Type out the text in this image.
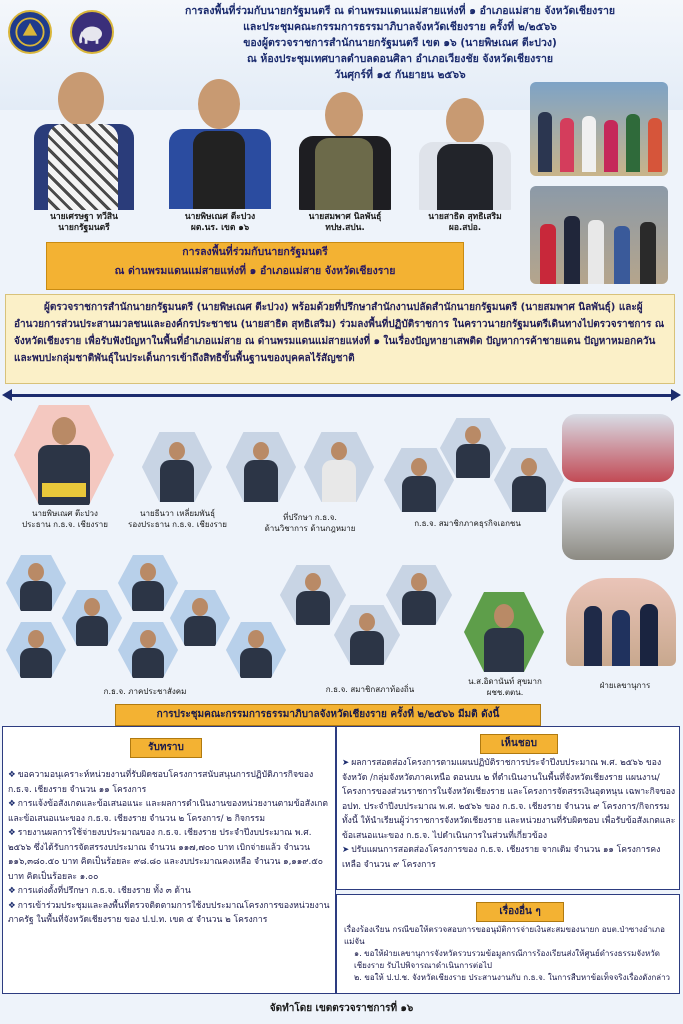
การลงพื้นที่ร่วมกับนายกรัฐมนตรี ณ ด่านพรมแดนแม่สายแห่งที่ ๑ อำเภอแม่สาย จังหวัดเชียงราย
และประชุมคณะกรรมการธรรมาภิบาลจังหวัดเชียงราย ครั้งที่ ๒/๒๕๖๖
ของผู้ตรวจราชการสำนักนายกรัฐมนตรี เขต ๑๖ (นายพิษเณศ ตีะปวง)
ณ ห้องประชุมเทศบาลตำบลดอนศิลา อำเภอเวียงชัย จังหวัดเชียงราย
วันศุกร์ที่ ๑๕ กันยายน ๒๕๖๖
นายเศรษฐา ทวีสิน
นายกรัฐมนตรี
นายพิษเณศ ตีะปวง
ผต.นร. เขต ๑๖
นายสมพาศ นิลพันธุ์
ทปษ.สปน.
นายสาธิต สุทธิเสริม
ผอ.สปอ.
การลงพื้นที่ร่วมกับนายกรัฐมนตรี
ณ ด่านพรมแดนแม่สายแห่งที่ ๑ อำเภอแม่สาย จังหวัดเชียงราย
ผู้ตรวจราชการสำนักนายกรัฐมนตรี (นายพิษเณศ ตีะปวง) พร้อมด้วยที่ปรึกษาสำนักงานปลัดสำนักนายกรัฐมนตรี (นายสมพาศ นิลพันธุ์) และผู้อำนวยการส่วนประสานมวลชนและองค์กรประชาชน (นายสาธิต สุทธิเสริม) ร่วมลงพื้นที่ปฏิบัติราชการ ในคราวนายกรัฐมนตรีเดินทางไปตรวจราชการ ณ จังหวัดเชียงราย เพื่อรับฟังปัญหาในพื้นที่อำเภอแม่สาย ณ ด่านพรมแดนแม่สายแห่งที่ ๑ ในเรื่องปัญหายาเสพติด ปัญหาการค้าชายแดน ปัญหาหมอกควัน และพบปะกลุ่มชาติพันธุ์ในประเด็นการเข้าถึงสิทธิขั้นพื้นฐานของบุคคลไร้สัญชาติ
นายพิษเณศ ตีะปวง
ประธาน ก.ธ.จ. เชียงราย
นายธีนวา เหลี่ยมพันธุ์
รองประธาน ก.ธ.จ. เชียงราย
ที่ปรึกษา ก.ธ.จ.
ด้านวิชาการ ด้านกฎหมาย
ก.ธ.จ. สมาชิกภาคธุรกิจเอกชน
ก.ธ.จ. ภาคประชาสังคม	ก.ธ.จ. สมาชิกสภาท้องถิ่น
น.ส.อิดานันท์ สุขมาก
ผชช.ตตน.
ฝ่ายเลขานุการ
การประชุมคณะกรรมการธรรมาภิบาลจังหวัดเชียงราย ครั้งที่ ๒/๒๕๖๖ มีมติ ดังนี้
รับทราบ
❖ ขอความอนุเคราะห์หน่วยงานที่รับผิดชอบโครงการสนับสนุนการปฏิบัติภารกิจของ ก.ธ.จ. เชียงราย จำนวน ๑๑ โครงการ
❖ การแจ้งข้อสังเกตและข้อเสนอแนะ และผลการดำเนินงานของหน่วยงานตามข้อสังเกตและข้อเสนอแนะของ ก.ธ.จ. เชียงราย จำนวน ๒ โครงการ/ ๒ กิจกรรม
❖ รายงานผลการใช้จ่ายงบประมาณของ ก.ธ.จ. เชียงราย ประจำปีงบประมาณ พ.ศ. ๒๕๖๖ ซึ่งได้รับการจัดสรรงบประมาณ จำนวน ๑๑๗,๗๐๐ บาท เบิกจ่ายแล้ว จำนวน ๑๑๖,๓๘๐.๕๐ บาท คิดเป็นร้อยละ ๙๘.๘๐ และงบประมาณคงเหลือ จำนวน ๑,๑๑๙.๕๐ บาท คิดเป็นร้อยละ ๑.๐๐
❖ การแต่งตั้งที่ปรึกษา ก.ธ.จ. เชียงราย ทั้ง ๓ ด้าน
❖ การเข้าร่วมประชุมและลงพื้นที่ตรวจติดตามการใช้งบประมาณโครงการของหน่วยงานภาครัฐ ในพื้นที่จังหวัดเชียงราย ของ ป.ป.ท. เขต ๕ จำนวน ๒ โครงการ
เห็นชอบ
➤ ผลการสอดส่องโครงการตามแผนปฏิบัติราชการประจำปีงบประมาณ พ.ศ. ๒๕๖๖ ของจังหวัด /กลุ่มจังหวัดภาคเหนือ ตอนบน ๒ ที่ดำเนินงานในพื้นที่จังหวัดเชียงราย แผนงาน/โครงการของส่วนราชการในจังหวัดเชียงราย และโครงการจัดสรรเงินอุดหนุน เฉพาะกิจของ อปท. ประจำปีงบประมาณ พ.ศ. ๒๕๖๖ ของ ก.ธ.จ. เชียงราย จำนวน ๙ โครงการ/กิจกรรม ทั้งนี้ ให้นำเรียนผู้ว่าราชการจังหวัดเชียงราย และหน่วยงานที่รับผิดชอบ เพื่อรับข้อสังเกตและข้อเสนอแนะของ ก.ธ.จ. ไปดำเนินการในส่วนที่เกี่ยวข้อง
➤ ปรับแผนการสอดส่องโครงการของ ก.ธ.จ. เชียงราย จากเดิม จำนวน ๑๑ โครงการคงเหลือ จำนวน ๙ โครงการ
เรื่องอื่น ๆ
เรื่องร้องเรียน กรณีขอให้ตรวจสอบการขออนุมัติการจ่ายเงินสะสมของนายก อบต.ป่าซางอำเภอแม่จัน
๑. ขอให้ฝ่ายเลขานุการจังหวัดรวบรวมข้อมูลกรณีการร้องเรียนส่งให้ศูนย์ดำรงธรรมจังหวัดเชียงราย รับไปพิจารณาดำเนินการต่อไป
๒. ขอให้ ป.ป.ช. จังหวัดเชียงราย ประสานงานกับ ก.ธ.จ. ในการสืบหาข้อเท็จจริงเรื่องดังกล่าว
จัดทำโดย เขตตรวจราชการที่ ๑๖
